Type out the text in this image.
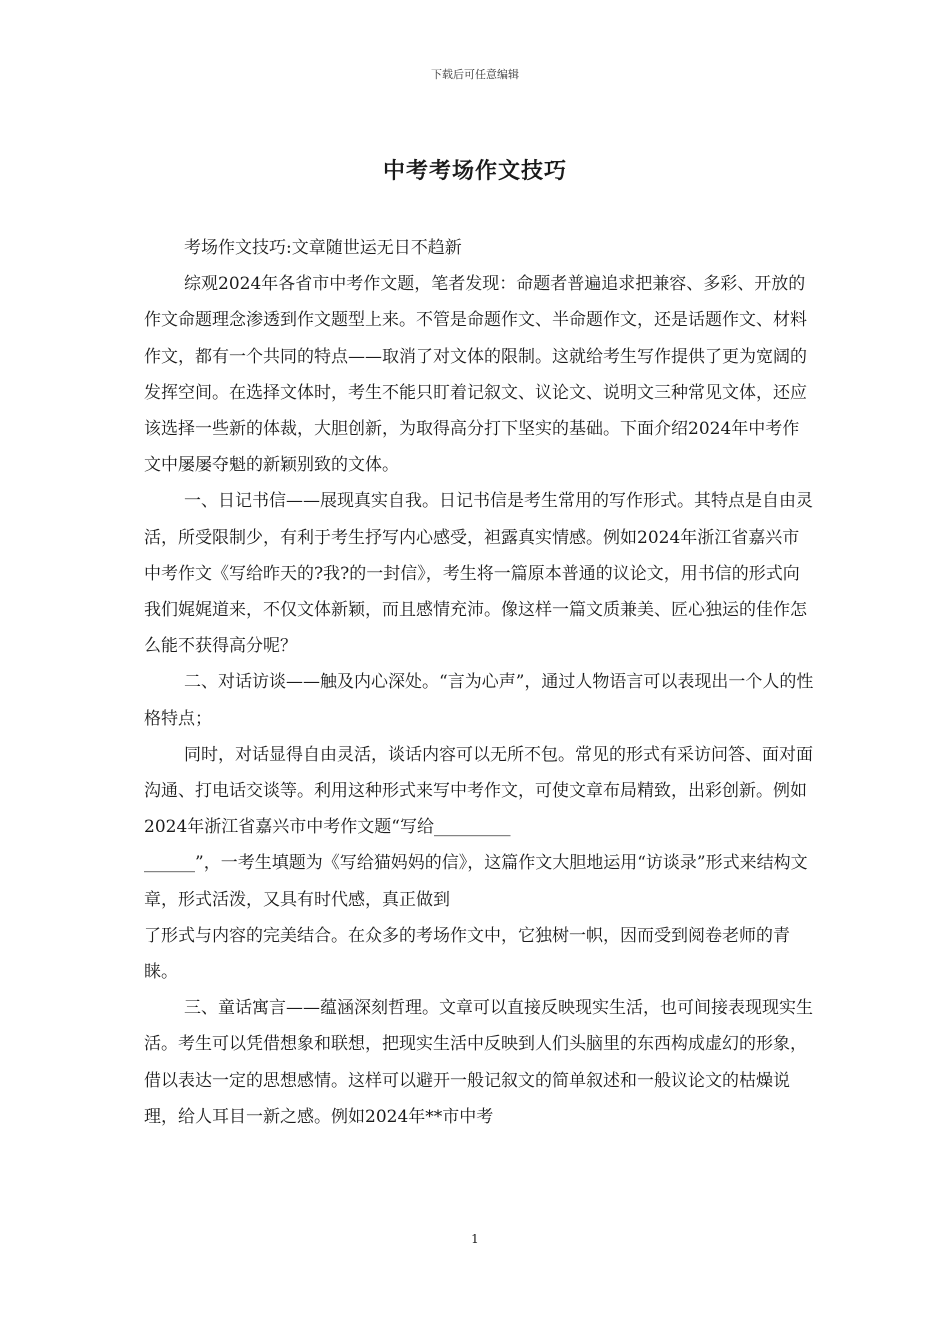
下载后可任意编辑
中考考场作文技巧

考场作文技巧:文章随世运无日不趋新

综观2024年各省市中考作文题，笔者发现：命题者普遍追求把兼容、多彩、开放的作文命题理念渗透到作文题型上来。不管是命题作文、半命题作文，还是话题作文、材料作文，都有一个共同的特点——取消了对文体的限制。这就给考生写作提供了更为宽阔的发挥空间。在选择文体时，考生不能只盯着记叙文、议论文、说明文三种常见文体，还应该选择一些新的体裁，大胆创新，为取得高分打下坚实的基础。下面介绍2024年中考作文中屡屡夺魁的新颖别致的文体。

一、日记书信——展现真实自我。日记书信是考生常用的写作形式。其特点是自由灵活，所受限制少，有利于考生抒写内心感受，袒露真实情感。例如2024年浙江省嘉兴市中考作文《写给昨天的?我?的一封信》，考生将一篇原本普通的议论文，用书信的形式向我们娓娓道来，不仅文体新颖，而且感情充沛。像这样一篇文质兼美、匠心独运的佳作怎么能不获得高分呢？

二、对话访谈——触及内心深处。“言为心声”，通过人物语言可以表现出一个人的性格特点；

同时，对话显得自由灵活，谈话内容可以无所不包。常见的形式有采访问答、面对面沟通、打电话交谈等。利用这种形式来写中考作文，可使文章布局精致，出彩创新。例如2024年浙江省嘉兴市中考作文题“写给_________

______”，一考生填题为《写给猫妈妈的信》，这篇作文大胆地运用“访谈录”形式来结构文章，形式活泼，又具有时代感，真正做到

了形式与内容的完美结合。在众多的考场作文中，它独树一帜，因而受到阅卷老师的青睐。

三、童话寓言——蕴涵深刻哲理。文章可以直接反映现实生活，也可间接表现现实生活。考生可以凭借想象和联想，把现实生活中反映到人们头脑里的东西构成虚幻的形象，借以表达一定的思想感情。这样可以避开一般记叙文的简单叙述和一般议论文的枯燥说理，给人耳目一新之感。例如2024年**市中考

1
